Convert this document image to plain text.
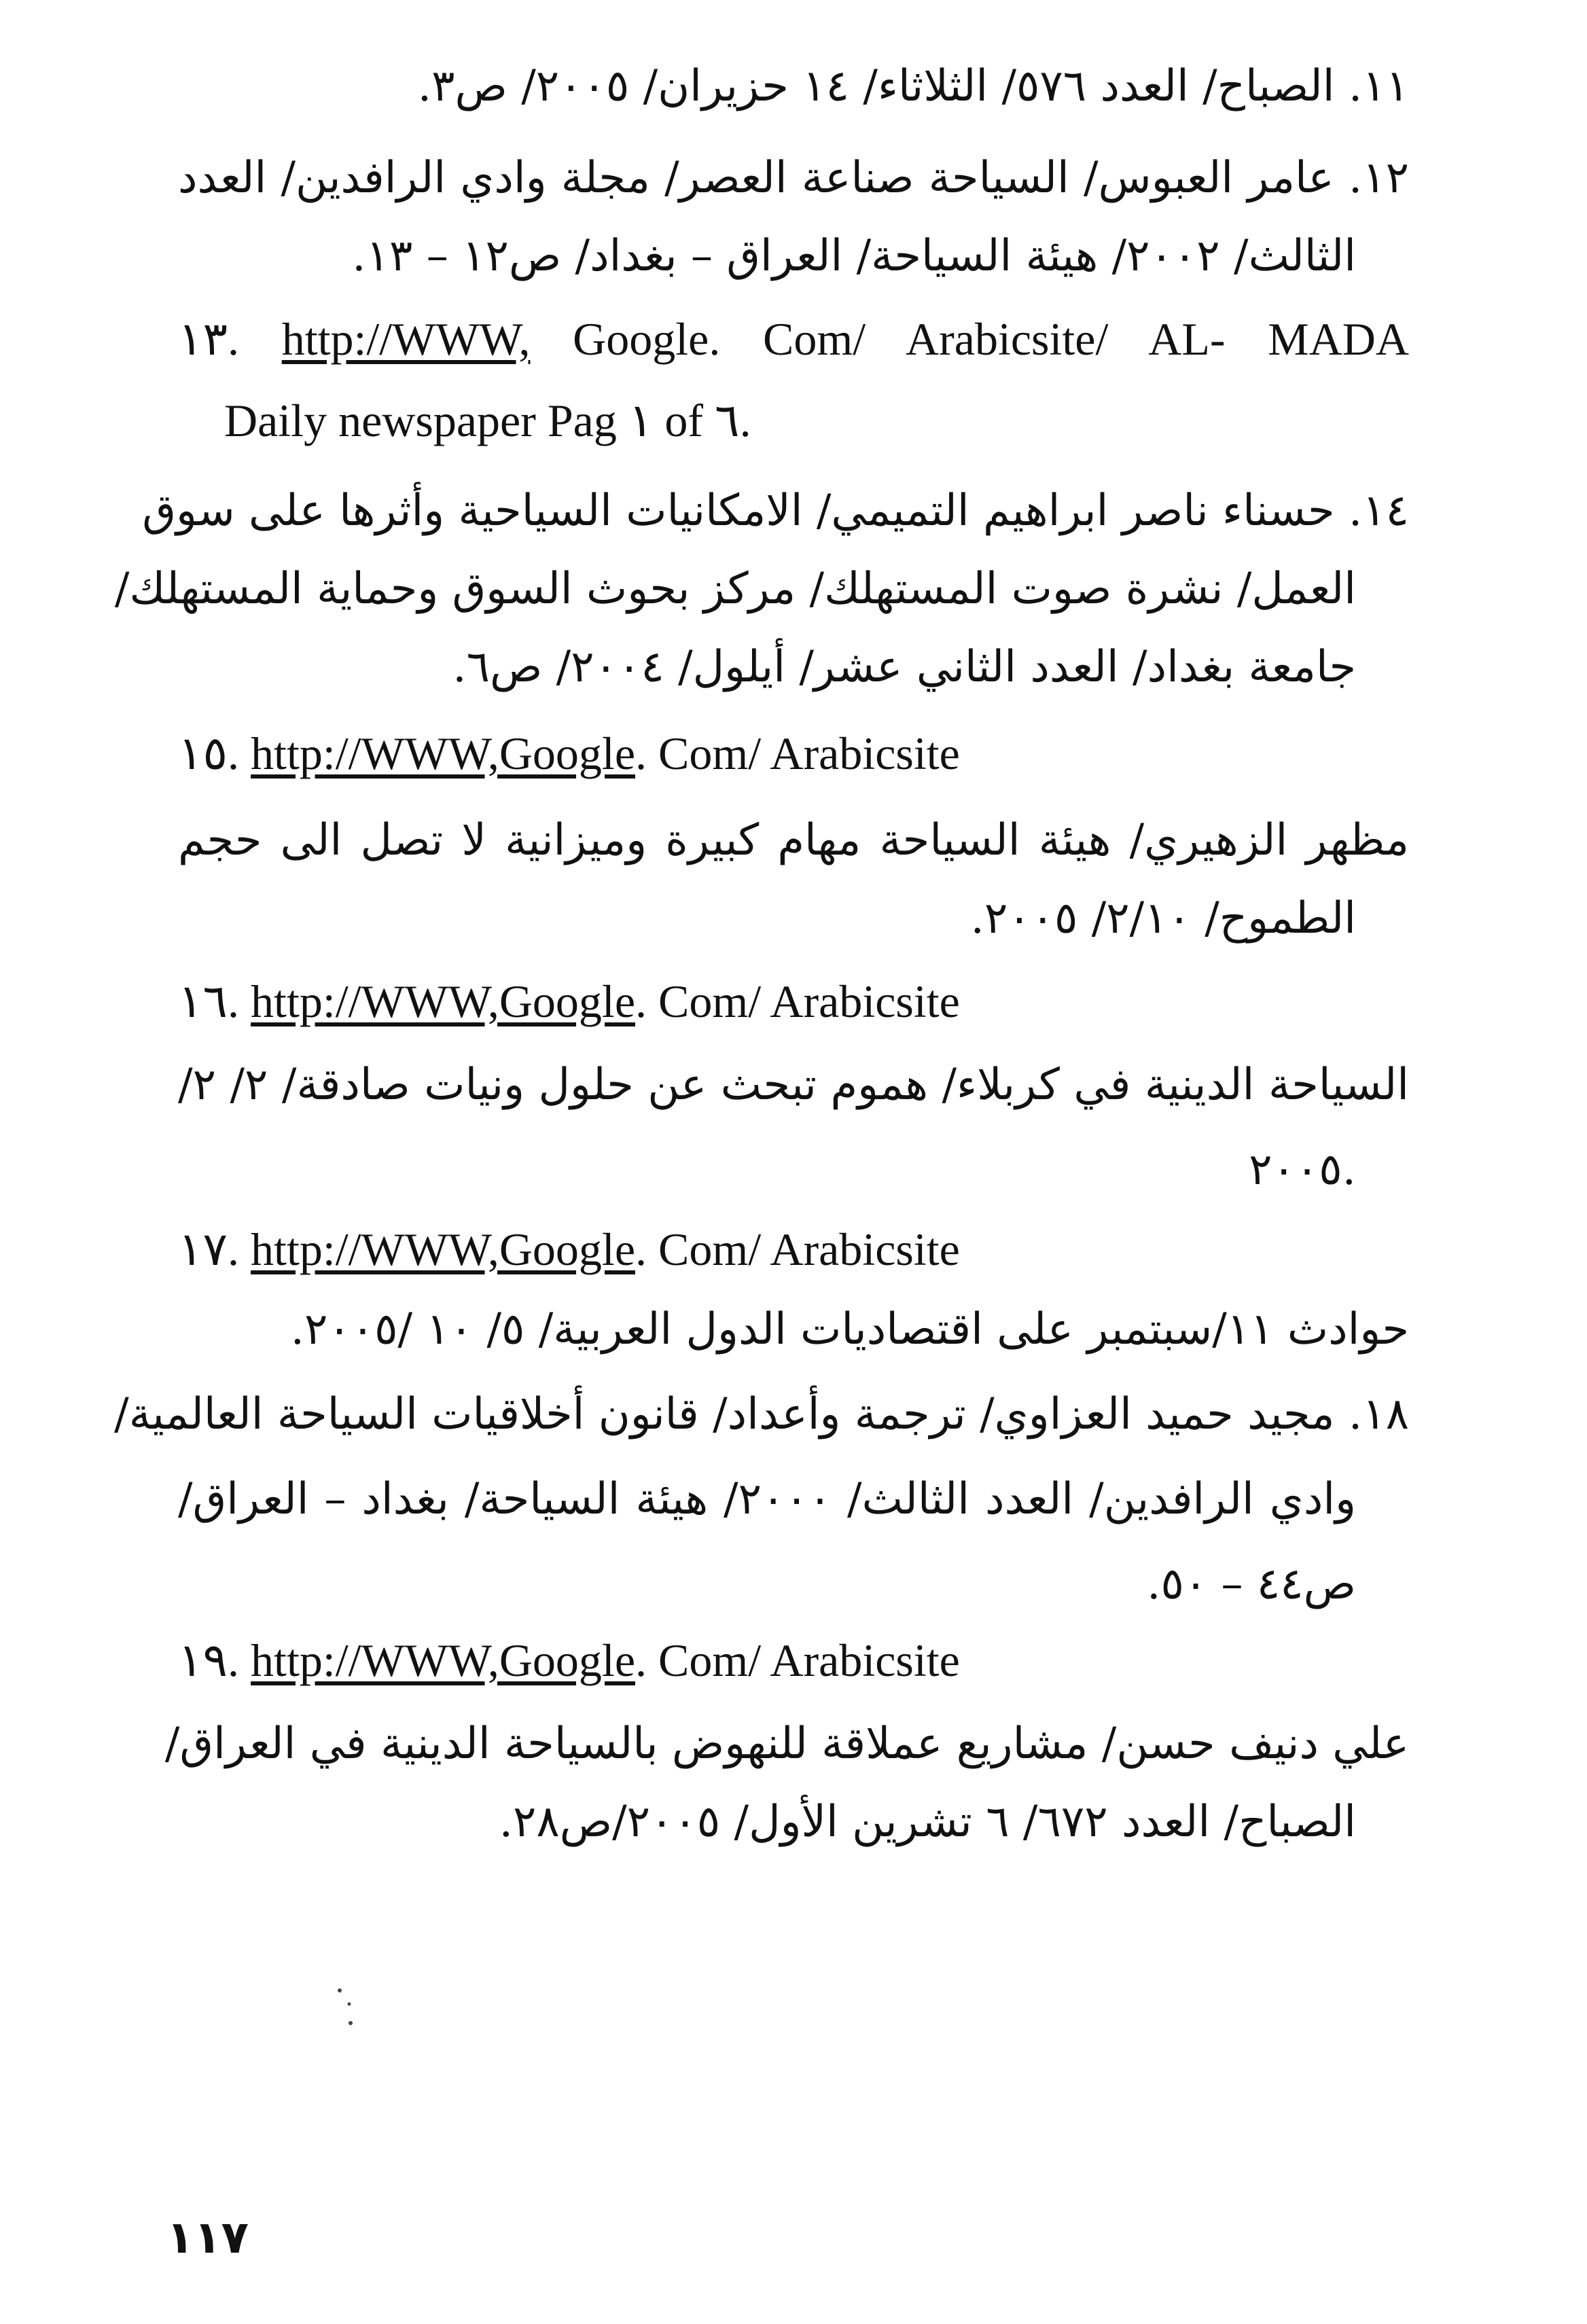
١١. الصباح/ العدد ٥٧٦/ الثلاثاء/ ١٤ حزيران/ ٢٠٠٥/ ص٣.
١٢. عامر العبوس/ السياحة صناعة العصر/ مجلة وادي الرافدين/ العدد
الثالث/ ٢٠٠٢/ هيئة السياحة/ العراق – بغداد/ ص١٢ – ١٣.
١٣. http://WWW, Google. Com/ Arabicsite/ AL- MADA
Daily newspaper Pag ١ of ٦.
١٤. حسناء ناصر ابراهيم التميمي/ الامكانيات السياحية وأثرها على سوق
العمل/ نشرة صوت المستهلك/ مركز بحوث السوق وحماية المستهلك/
جامعة بغداد/ العدد الثاني عشر/ أيلول/ ٢٠٠٤/ ص٦.
١٥. http://WWW,Google. Com/ Arabicsite
مظهر الزهيري/ هيئة السياحة مهام كبيرة وميزانية لا تصل الى حجم
الطموح/ ٢/١٠/ ٢٠٠٥.
١٦. http://WWW,Google. Com/ Arabicsite
السياحة الدينية في كربلاء/ هموم تبحث عن حلول ونيات صادقة/ ٢/ ٢/
.٢٠٠٥
١٧. http://WWW,Google. Com/ Arabicsite
حوادث ١١/سبتمبر على اقتصاديات الدول العربية/ ٥/ ١٠ /٢٠٠٥.
١٨. مجيد حميد العزاوي/ ترجمة وأعداد/ قانون أخلاقيات السياحة العالمية/
وادي الرافدين/ العدد الثالث/ ٢٠٠٠/ هيئة السياحة/ بغداد – العراق/
ص٤٤ – ٥٠.
١٩. http://WWW,Google. Com/ Arabicsite
علي دنيف حسن/ مشاريع عملاقة للنهوض بالسياحة الدينية في العراق/
الصباح/ العدد ٦٧٢/ ٦ تشرين الأول/ ٢٠٠٥/ص٢٨.
١١٧
